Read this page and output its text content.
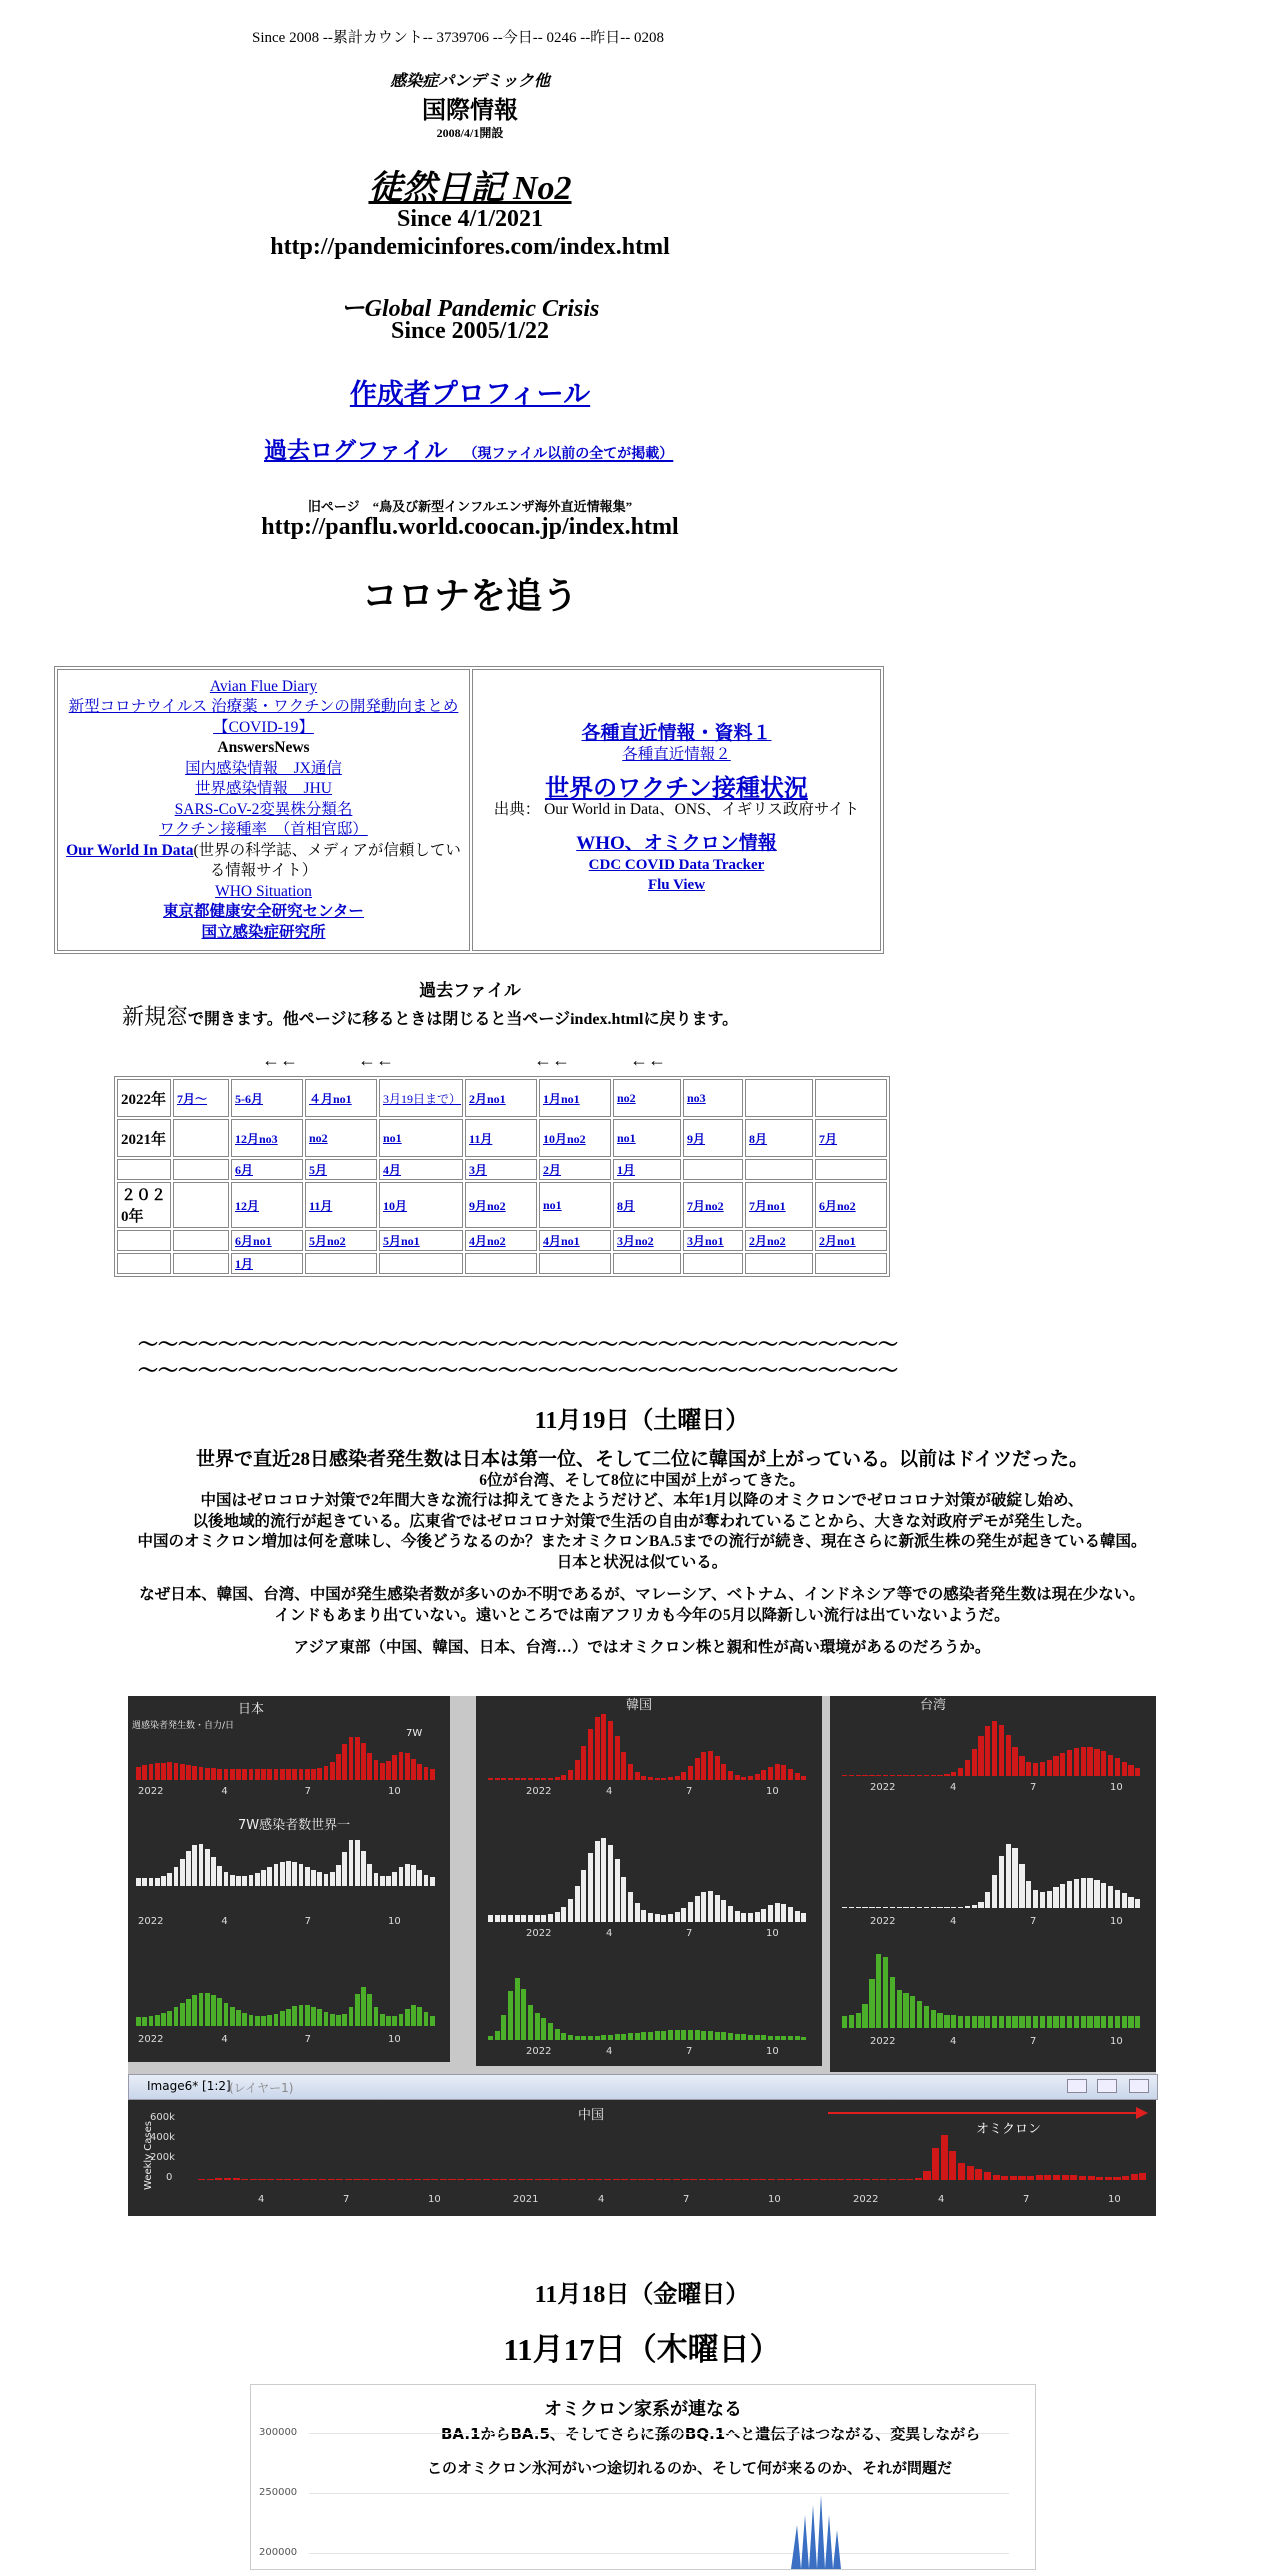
Since 2008 --累計カウント-- 3739706 --今日-- 0246 --昨日-- 0208
感染症パンデミック他
国際情報
2008/4/1開設
徒然日記 No2
Since 4/1/2021
http://pandemicinfores.com/index.html
ーGlobal Pandemic Crisis
Since 2005/1/22
作成者プロフィール
過去ログファイル　 （現ファイル以前の全てが掲載）
旧ページ　“鳥及び新型インフルエンザ海外直近情報集”
http://panflu.world.coocan.jp/index.html
コロナを追う
Avian Flue Diary
新型コロナウイルス 治療薬・ワクチンの開発動向まとめ
【COVID-19】
AnswersNews
国内感染情報　JX通信
世界感染情報　JHU
SARS-CoV-2変異株分類名
ワクチン接種率　（首相官邸）
Our World In Data(世界の科学誌、メディアが信頼してい
る情報サイト）
WHO Situation
東京都健康安全研究センター
国立感染症研究所
各種直近情報・資料１
各種直近情報２
世界のワクチン接種状況
出典： Our World in Data、ONS、イギリス政府サイト
WHO、オミクロン情報
CDC COVID Data Tracker
Flu View
過去ファイル
新規窓で開きます。他ページに移るときは閉じると当ページindex.htmlに戻ります。
←←	←←	←←	←←
2022年	7月～	5-6月	４月no1	3月19日まで）	2月no1	1月no1	no2	no3		
2021年		12月no3	no2	no1	11月	10月no2	no1	9月	8月	7月
		6月	5月	4月	3月	2月	1月			
２０２0年		12月	11月	10月	9月no2	no1	8月	7月no2	7月no1	6月no2
		6月no1	5月no2	5月no1	4月no2	4月no1	3月no2	3月no1	2月no2	2月no1
		1月								
～～～～～～～～～～～～～～～～～～～～～～～～～～～～～～～～～～～～～～
～～～～～～～～～～～～～～～～～～～～～～～～～～～～～～～～～～～～～～
11月19日（土曜日）
世界で直近28日感染者発生数は日本は第一位、そして二位に韓国が上がっている。以前はドイツだった。
6位が台湾、そして8位に中国が上がってきた。
中国はゼロコロナ対策で2年間大きな流行は抑えてきたようだけど、本年1月以降のオミクロンでゼロコロナ対策が破綻し始め、
以後地域的流行が起きている。広東省ではゼロコロナ対策で生活の自由が奪われていることから、大きな対政府デモが発生した。
中国のオミクロン増加は何を意味し、今後どうなるのか？またオミクロンBA.5までの流行が続き、現在さらに新派生株の発生が起きている韓国。
日本と状況は似ている。
なぜ日本、韓国、台湾、中国が発生感染者数が多いのか不明であるが、マレーシア、ベトナム、インドネシア等での感染者発生数は現在少ない。
インドもあまり出ていない。遠いところでは南アフリカも今年の5月以降新しい流行は出ていないようだ。
アジア東部（中国、韓国、日本、台湾…）ではオミクロン株と親和性が高い環境があるのだろうか。
日本
週感染者発生数・自力/日
7W
7W感染者数世界一
2022	4	7	10
2022	4	7	10
2022	4	7	10
韓国
2022	4	7	10
2022	4	7	10
2022	4	7	10
台湾
2022	4	7	10
2022	4	7	10
2022	4	7	10
Image6* [1:2]
(レイヤー1)
中国
オミクロン
Weekly Cases
600k
400k
200k
0
4	7	10	2021	4	7	10	2022	4	7	10
11月18日（金曜日）
11月17日（木曜日）
オミクロン家系が連なる
BA.1からBA.5、そしてさらに孫のBQ.1へと遺伝子はつながる、変異しながら
このオミクロン氷河がいつ途切れるのか、そして何が来るのか、それが問題だ
300000
250000
200000
